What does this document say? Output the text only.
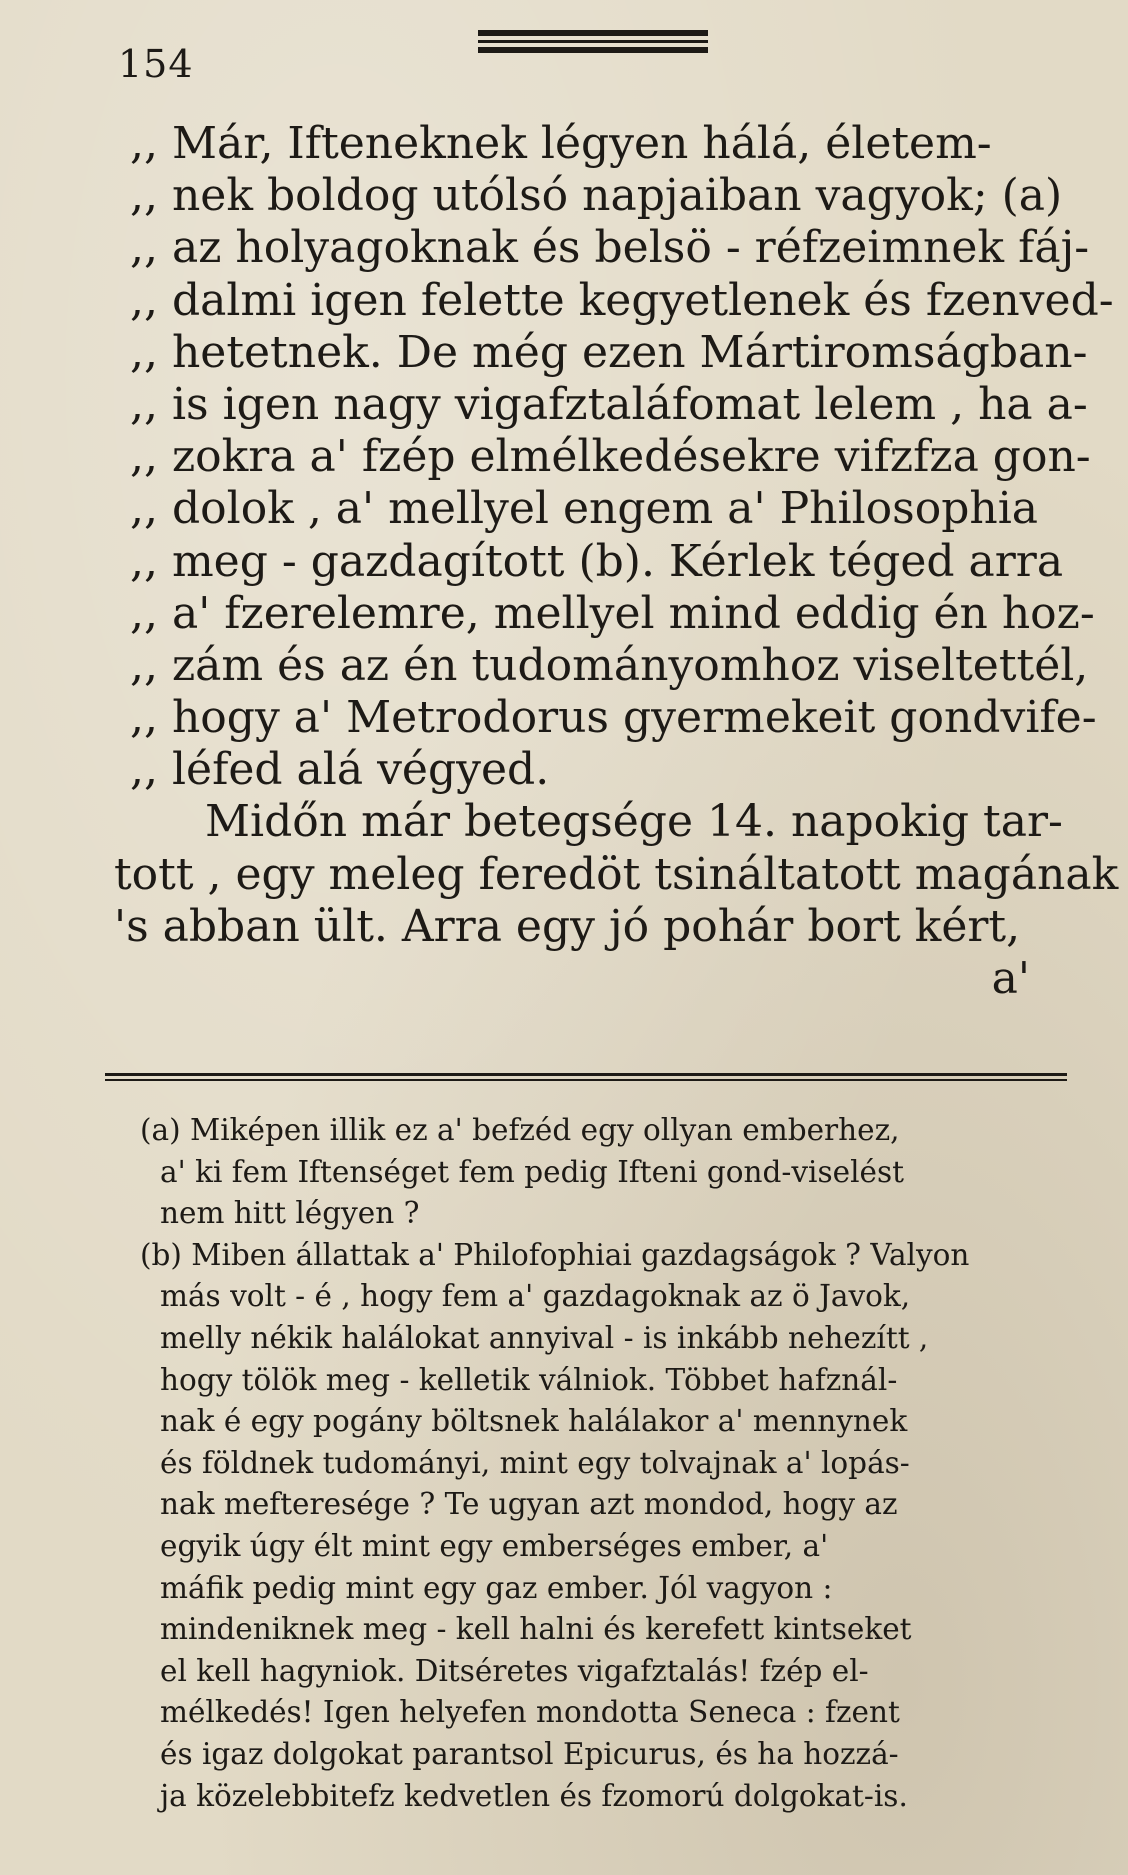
154
,, Már, Ifteneknek légyen hálá, életem-
,, nek boldog utólsó napjaiban vagyok; (a)
,, az holyagoknak és belsö - réfzeimnek fáj-
,, dalmi igen felette kegyetlenek és fzenved-
,, hetetnek. De még ezen Mártiromságban-
,, is igen nagy vigafztaláfomat lelem , ha a-
,, zokra a' fzép elmélkedésekre vifzfza gon-
,, dolok , a' mellyel engem a' Philosophia
,, meg - gazdagított (b). Kérlek téged arra
,, a' fzerelemre, mellyel mind eddig én hoz-
,, zám és az én tudományomhoz viseltettél,
,, hogy a' Metrodorus gyermekeit gondvife-
,, léfed alá végyed.
Midőn már betegsége 14. napokig tar-
tott , egy meleg feredöt tsináltatott magának
's abban ült. Arra egy jó pohár bort kért,
a'
(a) Miképen illik ez a' befzéd egy ollyan emberhez,
a' ki fem Iftenséget fem pedig Ifteni gond-viselést
nem hitt légyen ?
(b) Miben állattak a' Philofophiai gazdagságok ? Valyon
más volt - é , hogy fem a' gazdagoknak az ö Javok,
melly nékik halálokat annyival - is inkább nehezítt ,
hogy tölök meg - kelletik válniok. Többet hafznál-
nak é egy pogány böltsnek halálakor a' mennynek
és földnek tudományi, mint egy tolvajnak a' lopás-
nak mefteresége ? Te ugyan azt mondod, hogy az
egyik úgy élt mint egy emberséges ember, a'
máfik pedig mint egy gaz ember. Jól vagyon :
mindeniknek meg - kell halni és kerefett kintseket
el kell hagyniok. Ditséretes vigafztalás! fzép el-
mélkedés! Igen helyefen mondotta Seneca : fzent
és igaz dolgokat parantsol Epicurus, és ha hozzá-
ja közelebbitefz kedvetlen és fzomorú dolgokat-is.
